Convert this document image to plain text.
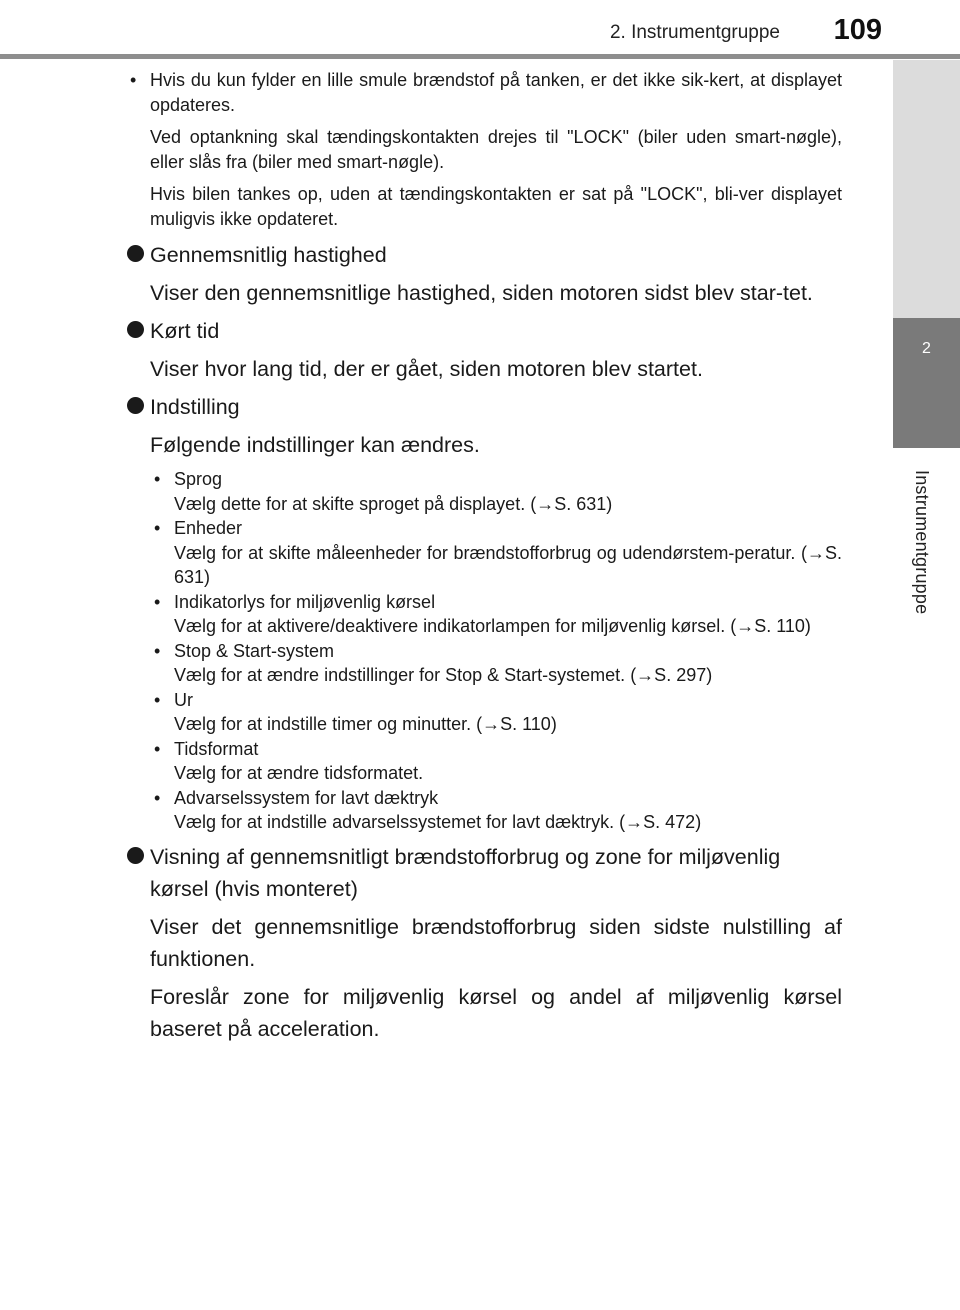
2. Instrumentgruppe 109
2
Instrumentgruppe
• Hvis du kun fylder en lille smule brændstof på tanken, er det ikke sik-kert, at displayet opdateres.
Ved optankning skal tændingskontakten drejes til "LOCK" (biler uden smart-nøgle), eller slås fra (biler med smart-nøgle).
Hvis bilen tankes op, uden at tændingskontakten er sat på "LOCK", bli-ver displayet muligvis ikke opdateret.
Gennemsnitlig hastighed
Viser den gennemsnitlige hastighed, siden motoren sidst blev star-tet.
Kørt tid
Viser hvor lang tid, der er gået, siden motoren blev startet.
Indstilling
Følgende indstillinger kan ændres.
• Sprog
Vælg dette for at skifte sproget på displayet. (→S. 631)
• Enheder
Vælg for at skifte måleenheder for brændstofforbrug og udendørstem-peratur. (→S. 631)
• Indikatorlys for miljøvenlig kørsel
Vælg for at aktivere/deaktivere indikatorlampen for miljøvenlig kørsel. (→S. 110)
• Stop & Start-system
Vælg for at ændre indstillinger for Stop & Start-systemet. (→S. 297)
• Ur
Vælg for at indstille timer og minutter. (→S. 110)
• Tidsformat
Vælg for at ændre tidsformatet.
• Advarselssystem for lavt dæktryk
Vælg for at indstille advarselssystemet for lavt dæktryk. (→S. 472)
Visning af gennemsnitligt brændstofforbrug og zone for miljøvenlig kørsel (hvis monteret)
Viser det gennemsnitlige brændstofforbrug siden sidste nulstilling af funktionen.
Foreslår zone for miljøvenlig kørsel og andel af miljøvenlig kørsel baseret på acceleration.
